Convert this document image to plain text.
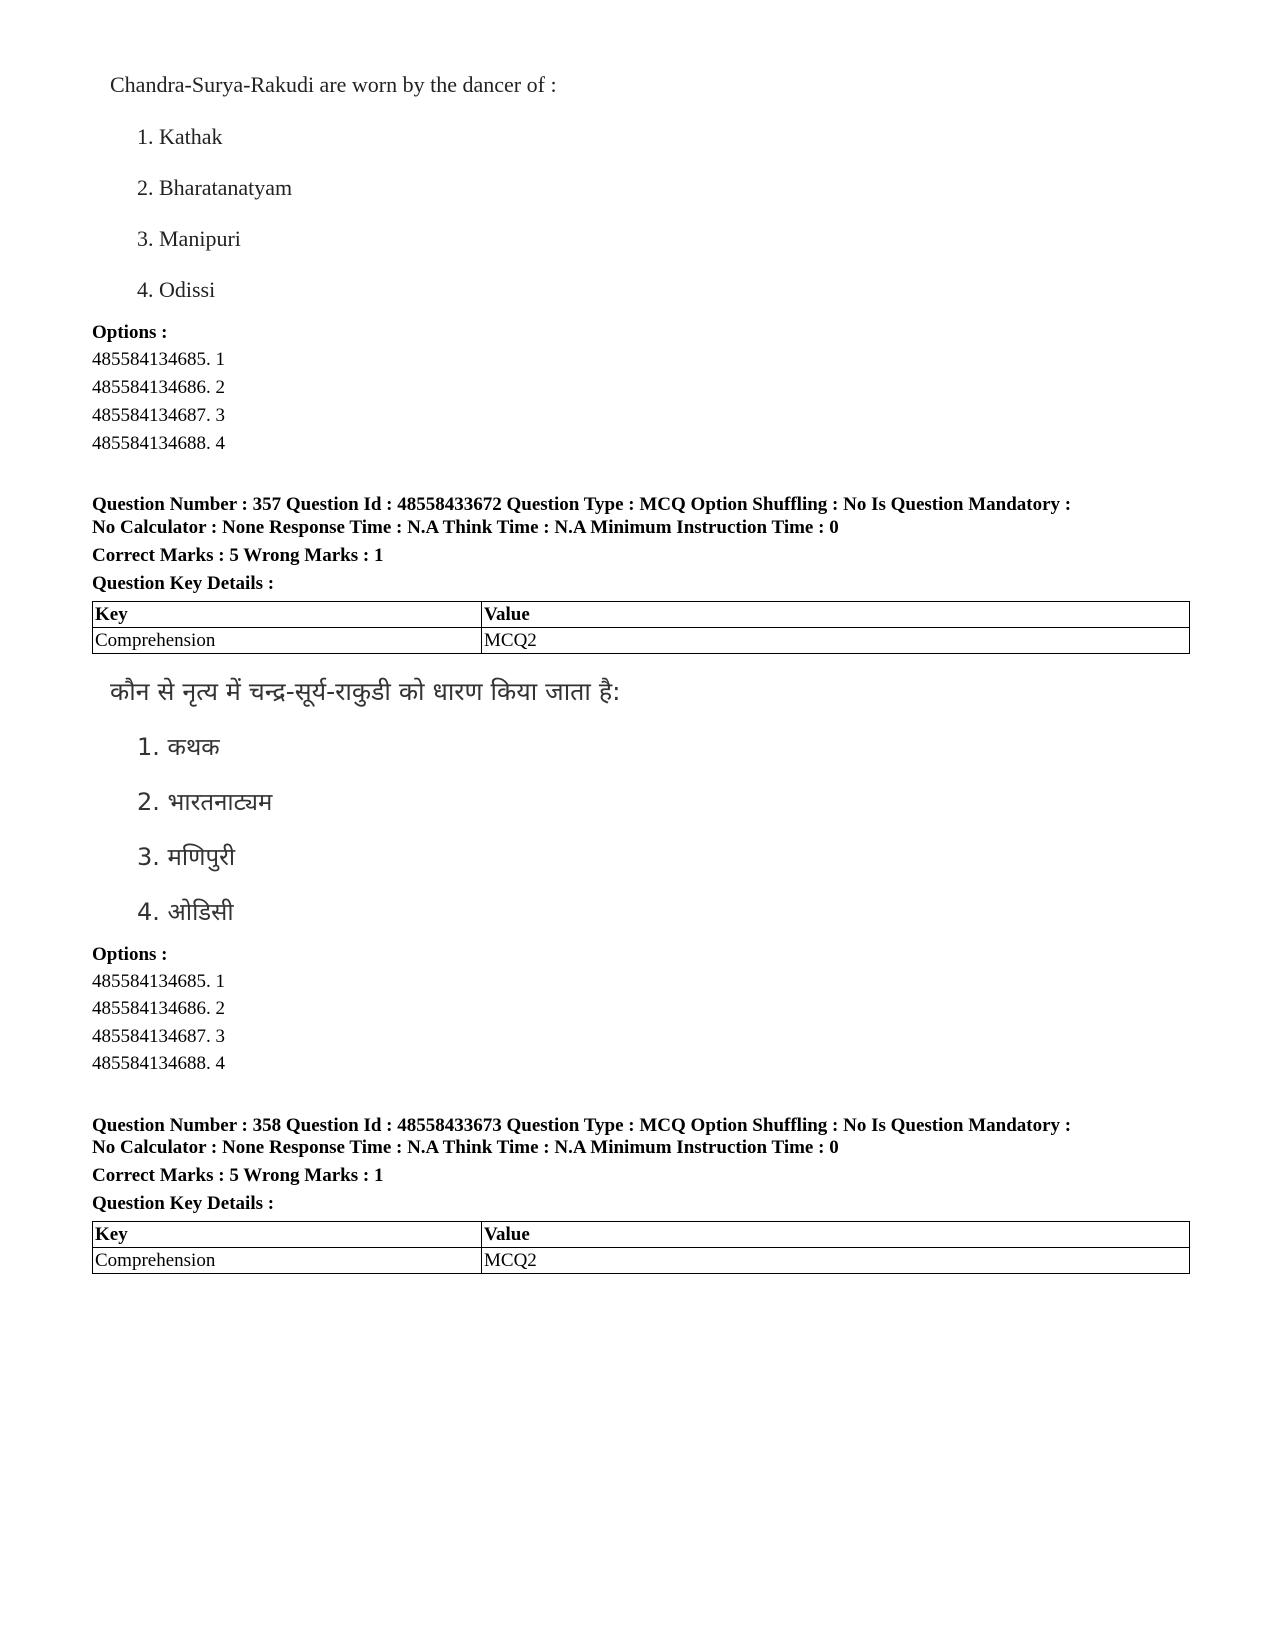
Chandra-Surya-Rakudi are worn by the dancer of :
1. Kathak
2. Bharatanatyam
3. Manipuri
4. Odissi
Options :
485584134685. 1
485584134686. 2
485584134687. 3
485584134688. 4
Question Number : 357 Question Id : 48558433672 Question Type : MCQ Option Shuffling : No Is Question Mandatory :
No Calculator : None Response Time : N.A Think Time : N.A Minimum Instruction Time : 0
Correct Marks : 5 Wrong Marks : 1
Question Key Details :
Key	Value
Comprehension	MCQ2
कौन से नृत्य में चन्द्र-सूर्य-राकुडी को धारण किया जाता है:
1. कथक
2. भारतनाट्यम
3. मणिपुरी
4. ओडिसी
Options :
485584134685. 1
485584134686. 2
485584134687. 3
485584134688. 4
Question Number : 358 Question Id : 48558433673 Question Type : MCQ Option Shuffling : No Is Question Mandatory :
No Calculator : None Response Time : N.A Think Time : N.A Minimum Instruction Time : 0
Correct Marks : 5 Wrong Marks : 1
Question Key Details :
Key	Value
Comprehension	MCQ2
